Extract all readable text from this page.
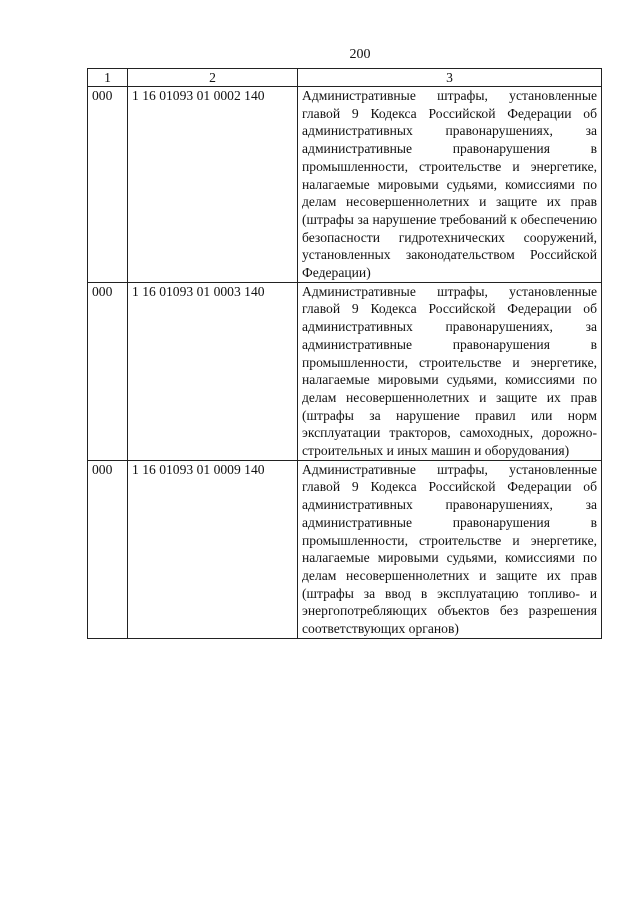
200
1	2	3
000	1 16 01093 01 0002 140	Административные штрафы, установленные главой 9 Кодекса Российской Федерации об административных правонарушениях, за административные правонарушения в промышленности, строительстве и энергетике, налагаемые мировыми судьями, комиссиями по делам несовершеннолетних и защите их прав (штрафы за нарушение требований к обеспечению безопасности гидротехнических сооружений, установленных законодательством Российской Федерации)
000	1 16 01093 01 0003 140	Административные штрафы, установленные главой 9 Кодекса Российской Федерации об административных правонарушениях, за административные правонарушения в промышленности, строительстве и энергетике, налагаемые мировыми судьями, комиссиями по делам несовершеннолетних и защите их прав (штрафы за нарушение правил или норм эксплуатации тракторов, самоходных, дорожно-строительных и иных машин и оборудования)
000	1 16 01093 01 0009 140	Административные штрафы, установленные главой 9 Кодекса Российской Федерации об административных правонарушениях, за административные правонарушения в промышленности, строительстве и энергетике, налагаемые мировыми судьями, комиссиями по делам несовершеннолетних и защите их прав (штрафы за ввод в эксплуатацию топливо- и энергопотребляющих объектов без разрешения соответствующих органов)
